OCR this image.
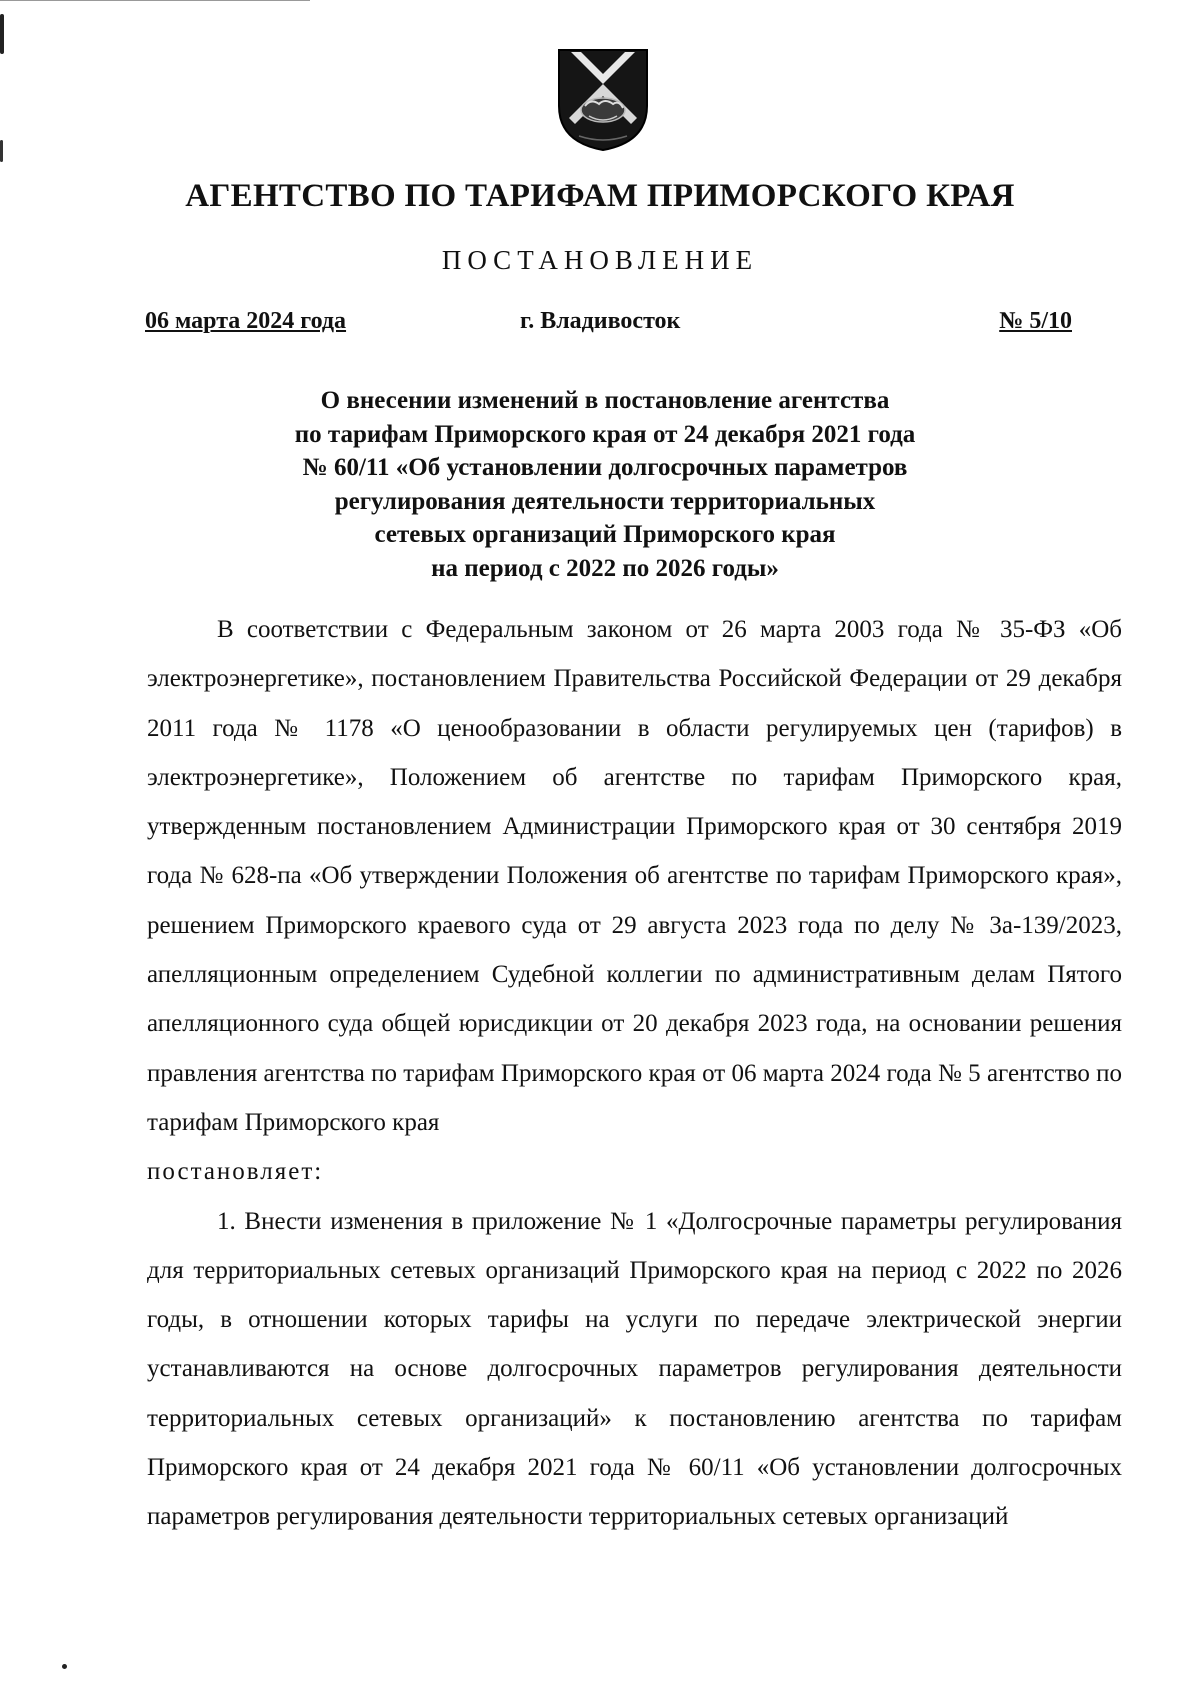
АГЕНТСТВО ПО ТАРИФАМ ПРИМОРСКОГО КРАЯ
ПОСТАНОВЛЕНИЕ
06 марта 2024 года	г. Владивосток	№ 5/10
О внесении изменений в постановление агентства
по тарифам Приморского края от 24 декабря 2021 года
№ 60/11 «Об установлении долгосрочных параметров
регулирования деятельности территориальных
сетевых организаций Приморского края
на период с 2022 по 2026 годы»

В соответствии с Федеральным законом от 26 марта 2003 года № 35-ФЗ «Об электроэнергетике», постановлением Правительства Российской Федерации от 29 декабря 2011 года № 1178 «О ценообразовании в области регулируемых цен (тарифов) в электроэнергетике», Положением об агентстве по тарифам Приморского края, утвержденным постановлением Администрации Приморского края от 30 сентября 2019 года № 628-па «Об утверждении Положения об агентстве по тарифам Приморского края», решением Приморского краевого суда от 29 августа 2023 года по делу № 3а-139/2023, апелляционным определением Судебной коллегии по административным делам Пятого апелляционного суда общей юрисдикции от 20 декабря 2023 года, на основании решения правления агентства по тарифам Приморского края от 06 марта 2024 года № 5 агентство по тарифам Приморского края

постановляет:

1. Внести изменения в приложение № 1 «Долгосрочные параметры регулирования для территориальных сетевых организаций Приморского края на период с 2022 по 2026 годы, в отношении которых тарифы на услуги по передаче электрической энергии устанавливаются на основе долгосрочных параметров регулирования деятельности территориальных сетевых организаций» к постановлению агентства по тарифам Приморского края от 24 декабря 2021 года № 60/11 «Об установлении долгосрочных параметров регулирования деятельности территориальных сетевых организаций
